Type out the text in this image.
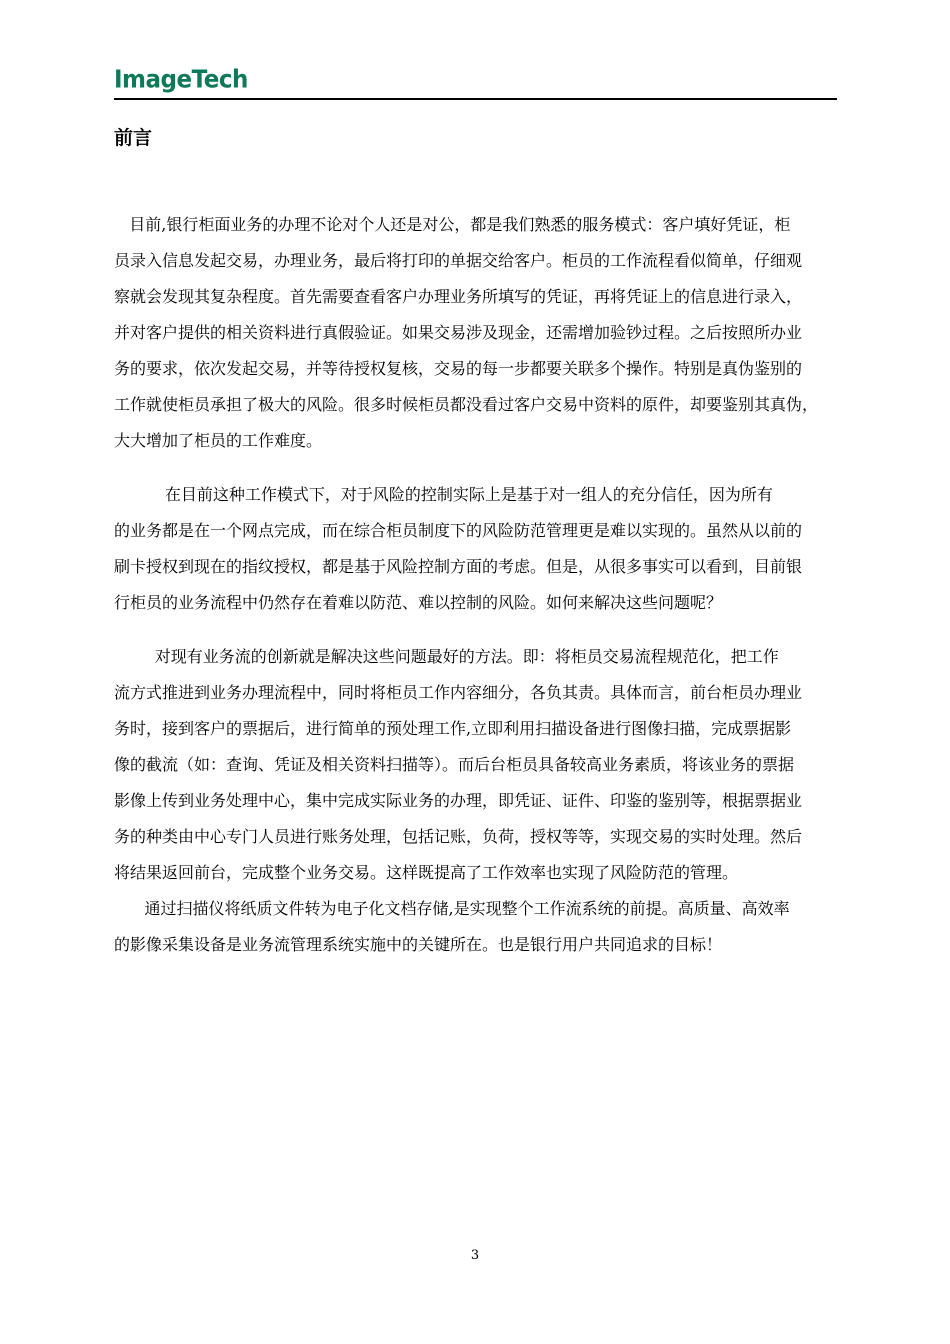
ImageTech
前言
目前,银行柜面业务的办理不论对个人还是对公，都是我们熟悉的服务模式：客户填好凭证，柜
员录入信息发起交易，办理业务，最后将打印的单据交给客户。柜员的工作流程看似简单，仔细观
察就会发现其复杂程度。首先需要查看客户办理业务所填写的凭证，再将凭证上的信息进行录入，
并对客户提供的相关资料进行真假验证。如果交易涉及现金，还需增加验钞过程。之后按照所办业
务的要求，依次发起交易，并等待授权复核，交易的每一步都要关联多个操作。特别是真伪鉴别的
工作就使柜员承担了极大的风险。很多时候柜员都没看过客户交易中资料的原件，却要鉴别其真伪，
大大增加了柜员的工作难度。
在目前这种工作模式下，对于风险的控制实际上是基于对一组人的充分信任，因为所有
的业务都是在一个网点完成，而在综合柜员制度下的风险防范管理更是难以实现的。虽然从以前的
刷卡授权到现在的指纹授权，都是基于风险控制方面的考虑。但是，从很多事实可以看到，目前银
行柜员的业务流程中仍然存在着难以防范、难以控制的风险。如何来解决这些问题呢？
对现有业务流的创新就是解决这些问题最好的方法。即：将柜员交易流程规范化，把工作
流方式推进到业务办理流程中，同时将柜员工作内容细分，各负其责。具体而言，前台柜员办理业
务时，接到客户的票据后，进行简单的预处理工作,立即利用扫描设备进行图像扫描，完成票据影
像的截流（如：查询、凭证及相关资料扫描等）。而后台柜员具备较高业务素质，将该业务的票据
影像上传到业务处理中心，集中完成实际业务的办理，即凭证、证件、印鉴的鉴别等，根据票据业
务的种类由中心专门人员进行账务处理，包括记账，负荷，授权等等，实现交易的实时处理。然后
将结果返回前台，完成整个业务交易。这样既提高了工作效率也实现了风险防范的管理。
通过扫描仪将纸质文件转为电子化文档存储,是实现整个工作流系统的前提。高质量、高效率
的影像采集设备是业务流管理系统实施中的关键所在。也是银行用户共同追求的目标！
3
